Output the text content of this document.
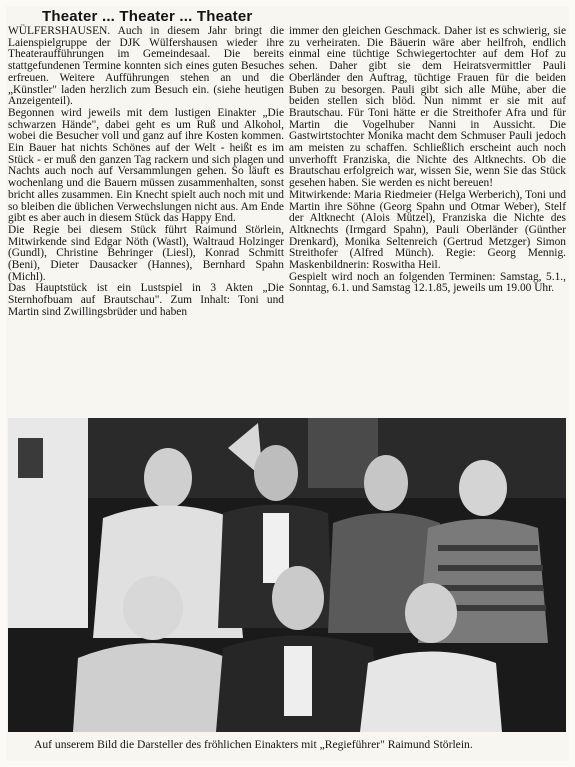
Theater ... Theater ... Theater

WÜLFERSHAUSEN. Auch in diesem Jahr bringt die Laienspielgruppe der DJK Wülfershausen wieder ihre Theateraufführungen im Gemeindesaal. Die bereits stattgefundenen Termine konnten sich eines guten Besuches erfreuen. Weitere Aufführungen stehen an und die „Künstler" laden herzlich zum Besuch ein. (siehe heutigen Anzeigenteil).

Begonnen wird jeweils mit dem lustigen Einakter „Die schwarzen Hände", dabei geht es um Ruß und Alkohol, wobei die Besucher voll und ganz auf ihre Kosten kommen. Ein Bauer hat nichts Schönes auf der Welt - heißt es im Stück - er muß den ganzen Tag rackern und sich plagen und Nachts auch noch auf Versammlungen gehen. So läuft es wochenlang und die Bauern müssen zusammenhalten, sonst bricht alles zusammen. Ein Knecht spielt auch noch mit und so bleiben die üblichen Verwechslungen nicht aus. Am Ende gibt es aber auch in diesem Stück das Happy End.

Die Regie bei diesem Stück führt Raimund Störlein, Mitwirkende sind Edgar Nöth (Wastl), Waltraud Holzinger (Gundl), Christine Behringer (Liesl), Konrad Schmitt (Beni), Dieter Dausacker (Hannes), Bernhard Spahn (Michl).

Das Hauptstück ist ein Lustspiel in 3 Akten „Die Sternhofbuam auf Brautschau". Zum Inhalt: Toni und Martin sind Zwillingsbrüder und haben

immer den gleichen Geschmack. Daher ist es schwierig, sie zu verheiraten. Die Bäuerin wäre aber heilfroh, endlich einmal eine tüchtige Schwiegertochter auf dem Hof zu sehen. Daher gibt sie dem Heiratsvermittler Pauli Oberländer den Auftrag, tüchtige Frauen für die beiden Buben zu besorgen. Pauli gibt sich alle Mühe, aber die beiden stellen sich blöd. Nun nimmt er sie mit auf Brautschau. Für Toni hätte er die Streithofer Afra und für Martin die Vogelhuber Nanni in Aussicht. Die Gastwirtstochter Monika macht dem Schmuser Pauli jedoch am meisten zu schaffen. Schließlich erscheint auch noch unverhofft Franziska, die Nichte des Altknechts. Ob die Brautschau erfolgreich war, wissen Sie, wenn Sie das Stück gesehen haben. Sie werden es nicht bereuen!

Mitwirkende: Maria Riedmeier (Helga Werberich), Toni und Martin ihre Söhne (Georg Spahn und Otmar Weber), Stelf der Altknecht (Alois Mützel), Franziska die Nichte des Altknechts (Irmgard Spahn), Pauli Oberländer (Günther Drenkard), Monika Seltenreich (Gertrud Metzger) Simon Streithofer (Alfred Münch). Regie: Georg Mennig. Maskenbildnerin: Roswitha Heil.

Gespielt wird noch an folgenden Terminen: Samstag, 5.1., Sonntag, 6.1. und Samstag 12.1.85, jeweils um 19.00 Uhr.

Auf unserem Bild die Darsteller des fröhlichen Einakters mit „Regieführer" Raimund Störlein.
